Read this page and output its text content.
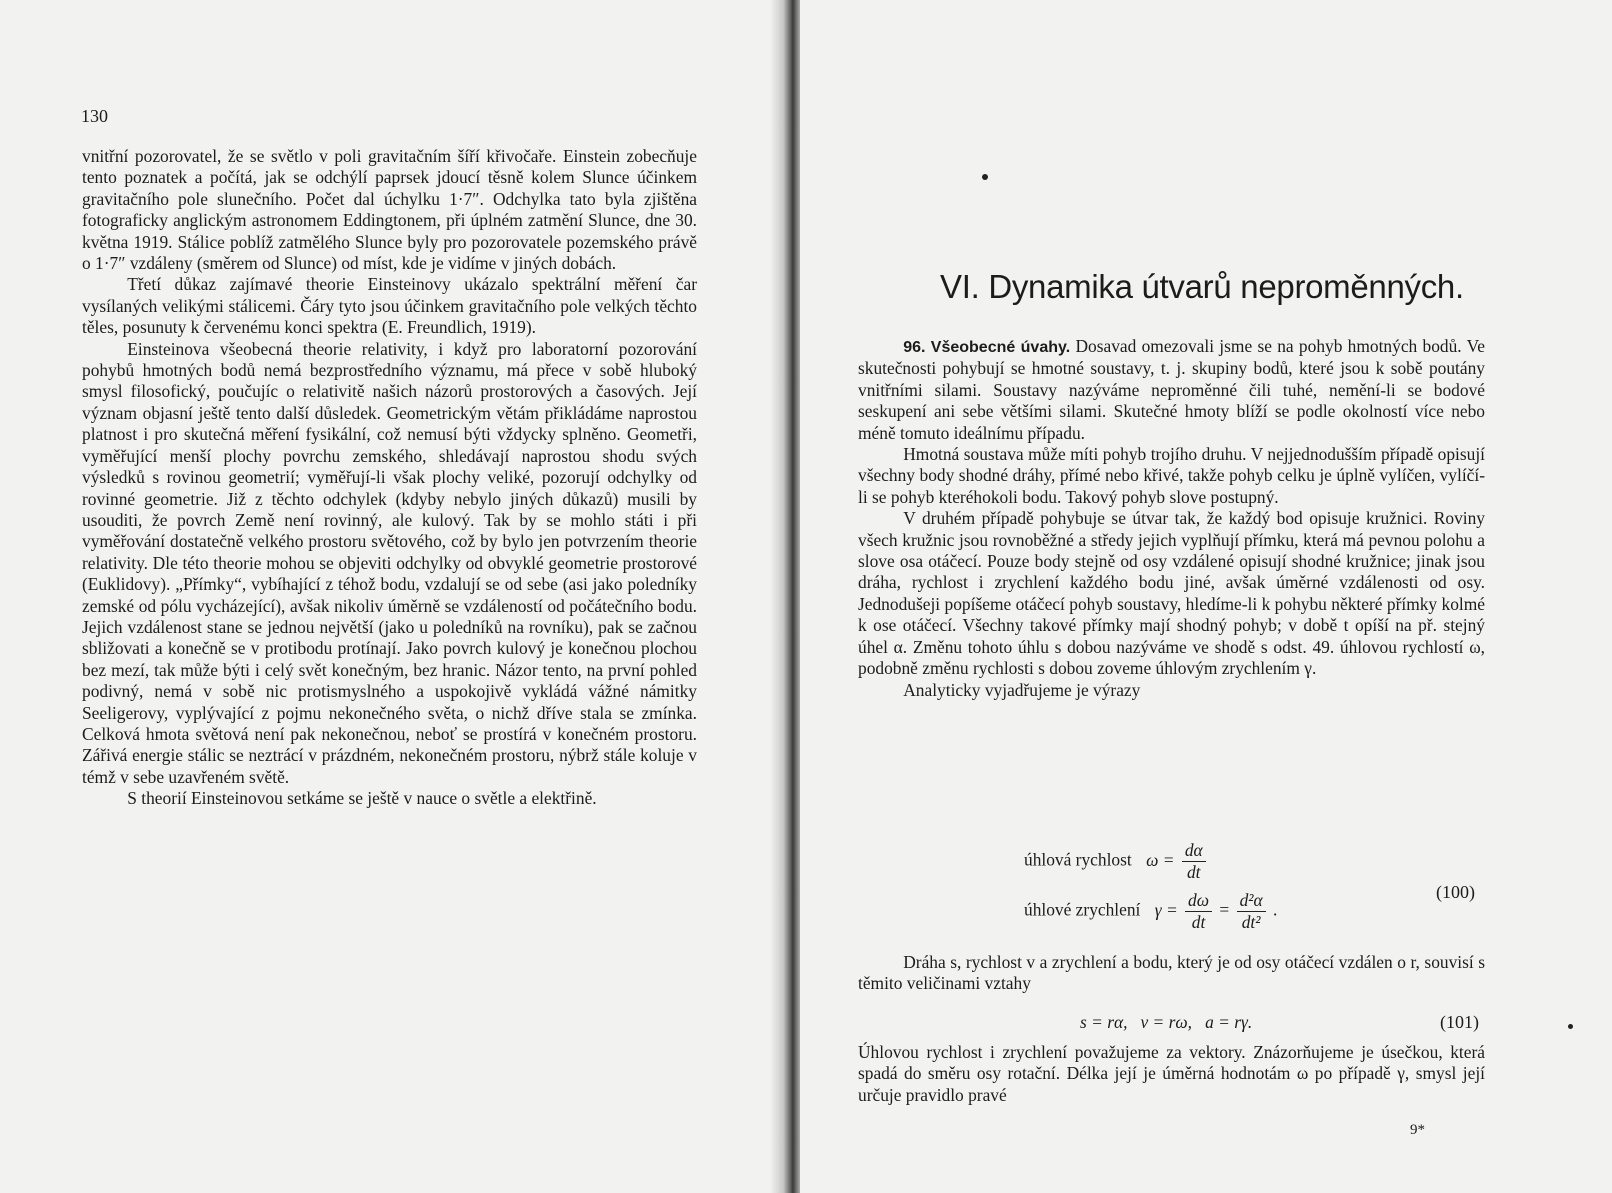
130

vnitřní pozorovatel, že se světlo v poli gravitačním šíří křivočaře. Einstein zobecňuje tento poznatek a počítá, jak se odchýlí paprsek jdoucí těsně kolem Slunce účinkem gravitačního pole slunečního. Počet dal úchylku 1·7″. Odchylka tato byla zjištěna fotograficky anglickým astronomem Eddingtonem, při úplném zatmění Slunce, dne 30. května 1919. Stálice poblíž zatmělého Slunce byly pro pozorovatele pozemského právě o 1·7″ vzdáleny (směrem od Slunce) od míst, kde je vidíme v jiných dobách.

Třetí důkaz zajímavé theorie Einsteinovy ukázalo spektrální měření čar vysílaných velikými stálicemi. Čáry tyto jsou účinkem gravitačního pole velkých těchto těles, posunuty k červenému konci spektra (E. Freundlich, 1919).

Einsteinova všeobecná theorie relativity, i když pro laboratorní pozorování pohybů hmotných bodů nemá bezprostředního významu, má přece v sobě hluboký smysl filosofický, poučujíc o relativitě našich názorů prostorových a časových. Její význam objasní ještě tento další důsledek. Geometrickým větám přikládáme naprostou platnost i pro skutečná měření fysikální, což nemusí býti vždycky splněno. Geometři, vyměřující menší plochy povrchu zemského, shledávají naprostou shodu svých výsledků s rovinou geometrií; vyměřují-li však plochy veliké, pozorují odchylky od rovinné geometrie. Již z těchto odchylek (kdyby nebylo jiných důkazů) musili by usouditi, že povrch Země není rovinný, ale kulový. Tak by se mohlo státi i při vyměřování dostatečně velkého prostoru světového, což by bylo jen potvrzením theorie relativity. Dle této theorie mohou se objeviti odchylky od obvyklé geometrie prostorové (Euklidovy). „Přímky“, vybíhající z téhož bodu, vzdalují se od sebe (asi jako poledníky zemské od pólu vycházející), avšak nikoliv úměrně se vzdáleností od počátečního bodu. Jejich vzdálenost stane se jednou největší (jako u poledníků na rovníku), pak se začnou sbližovati a konečně se v protibodu protínají. Jako povrch kulový je konečnou plochou bez mezí, tak může býti i celý svět konečným, bez hranic. Názor tento, na první pohled podivný, nemá v sobě nic protismyslného a uspokojivě vykládá vážné námitky Seeligerovy, vyplývající z pojmu nekonečného světa, o nichž dříve stala se zmínka. Celková hmota světová není pak nekonečnou, neboť se prostírá v konečném prostoru. Zářivá energie stálic se neztrácí v prázdném, nekonečném prostoru, nýbrž stále koluje v témž v sebe uzavřeném světě.

S theorií Einsteinovou setkáme se ještě v nauce o světle a elektřině.

VI. Dynamika útvarů neproměnných.

96. Všeobecné úvahy. Dosavad omezovali jsme se na pohyb hmotných bodů. Ve skutečnosti pohybují se hmotné soustavy, t. j. skupiny bodů, které jsou k sobě poutány vnitřními silami. Soustavy nazýváme neproměnné čili tuhé, nemění-li se bodové seskupení ani sebe většími silami. Skutečné hmoty blíží se podle okolností více nebo méně tomuto ideálnímu případu.

Hmotná soustava může míti pohyb trojího druhu. V nejjednodušším případě opisují všechny body shodné dráhy, přímé nebo křivé, takže pohyb celku je úplně vylíčen, vylíčí-li se pohyb kteréhokoli bodu. Takový pohyb slove postupný.

V druhém případě pohybuje se útvar tak, že každý bod opisuje kružnici. Roviny všech kružnic jsou rovnoběžné a středy jejich vyplňují přímku, která má pevnou polohu a slove osa otáčecí. Pouze body stejně od osy vzdálené opisují shodné kružnice; jinak jsou dráha, rychlost i zrychlení každého bodu jiné, avšak úměrné vzdálenosti od osy. Jednodušeji popíšeme otáčecí pohyb soustavy, hledíme-li k pohybu některé přímky kolmé k ose otáčecí. Všechny takové přímky mají shodný pohyb; v době t opíší na př. stejný úhel α. Změnu tohoto úhlu s dobou nazýváme ve shodě s odst. 49. úhlovou rychlostí ω, podobně změnu rychlosti s dobou zoveme úhlovým zrychlením γ.

Analyticky vyjadřujeme je výrazy

úhlová rychlost $\omega = \frac{d\alpha}{dt}$
úhlové zrychlení $\gamma = \frac{d\omega}{dt} = \frac{\text{d²α}}{\text{dt²}}$ .
(100)

Dráha s, rychlost v a zrychlení a bodu, který je od osy otáčecí vzdálen o r, souvisí s těmito veličinami vztahy

s = rα,   v = rω,   a = rγ.	(101)

Úhlovou rychlost i zrychlení považujeme za vektory. Znázorňujeme je úsečkou, která spadá do směru osy rotační. Délka její je úměrná hodnotám ω po případě γ, smysl její určuje pravidlo pravé

9*
